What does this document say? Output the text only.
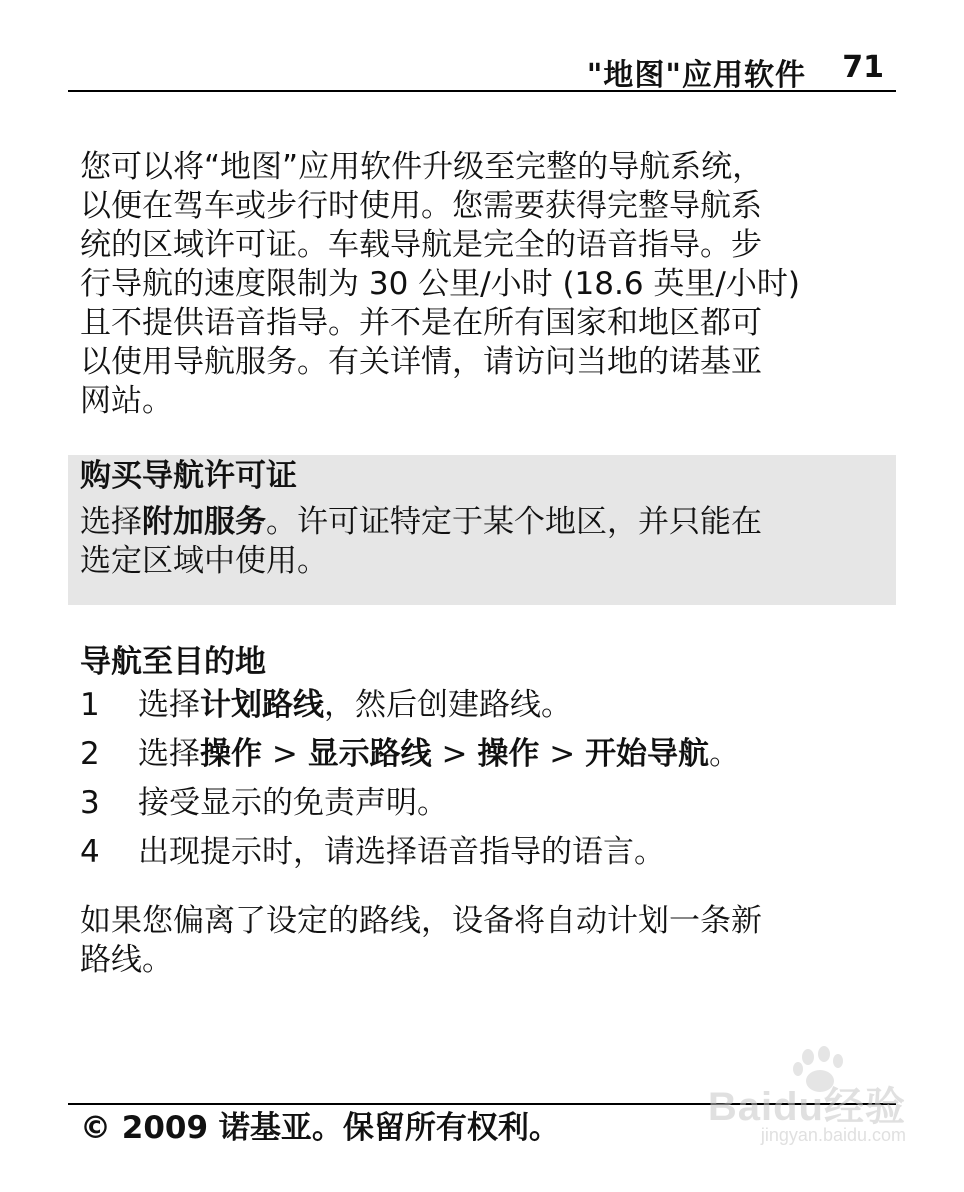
"地图"应用软件 71

您可以将“地图”应用软件升级至完整的导航系统，
以便在驾车或步行时使用。您需要获得完整导航系
统的区域许可证。车载导航是完全的语音指导。步
行导航的速度限制为 30 公里/小时 (18.6 英里/小时)
且不提供语音指导。并不是在所有国家和地区都可
以使用导航服务。有关详情，请访问当地的诺基亚
网站。

购买导航许可证

选择附加服务。许可证特定于某个地区，并只能在
选定区域中使用。

导航至目的地

1	选择计划路线，然后创建路线。
2	选择操作 > 显示路线 > 操作 > 开始导航。
3	接受显示的免责声明。
4	出现提示时，请选择语音指导的语言。

如果您偏离了设定的路线，设备将自动计划一条新
路线。

© 2009 诺基亚。保留所有权利。	Baidu经验
jingyan.baidu.com
